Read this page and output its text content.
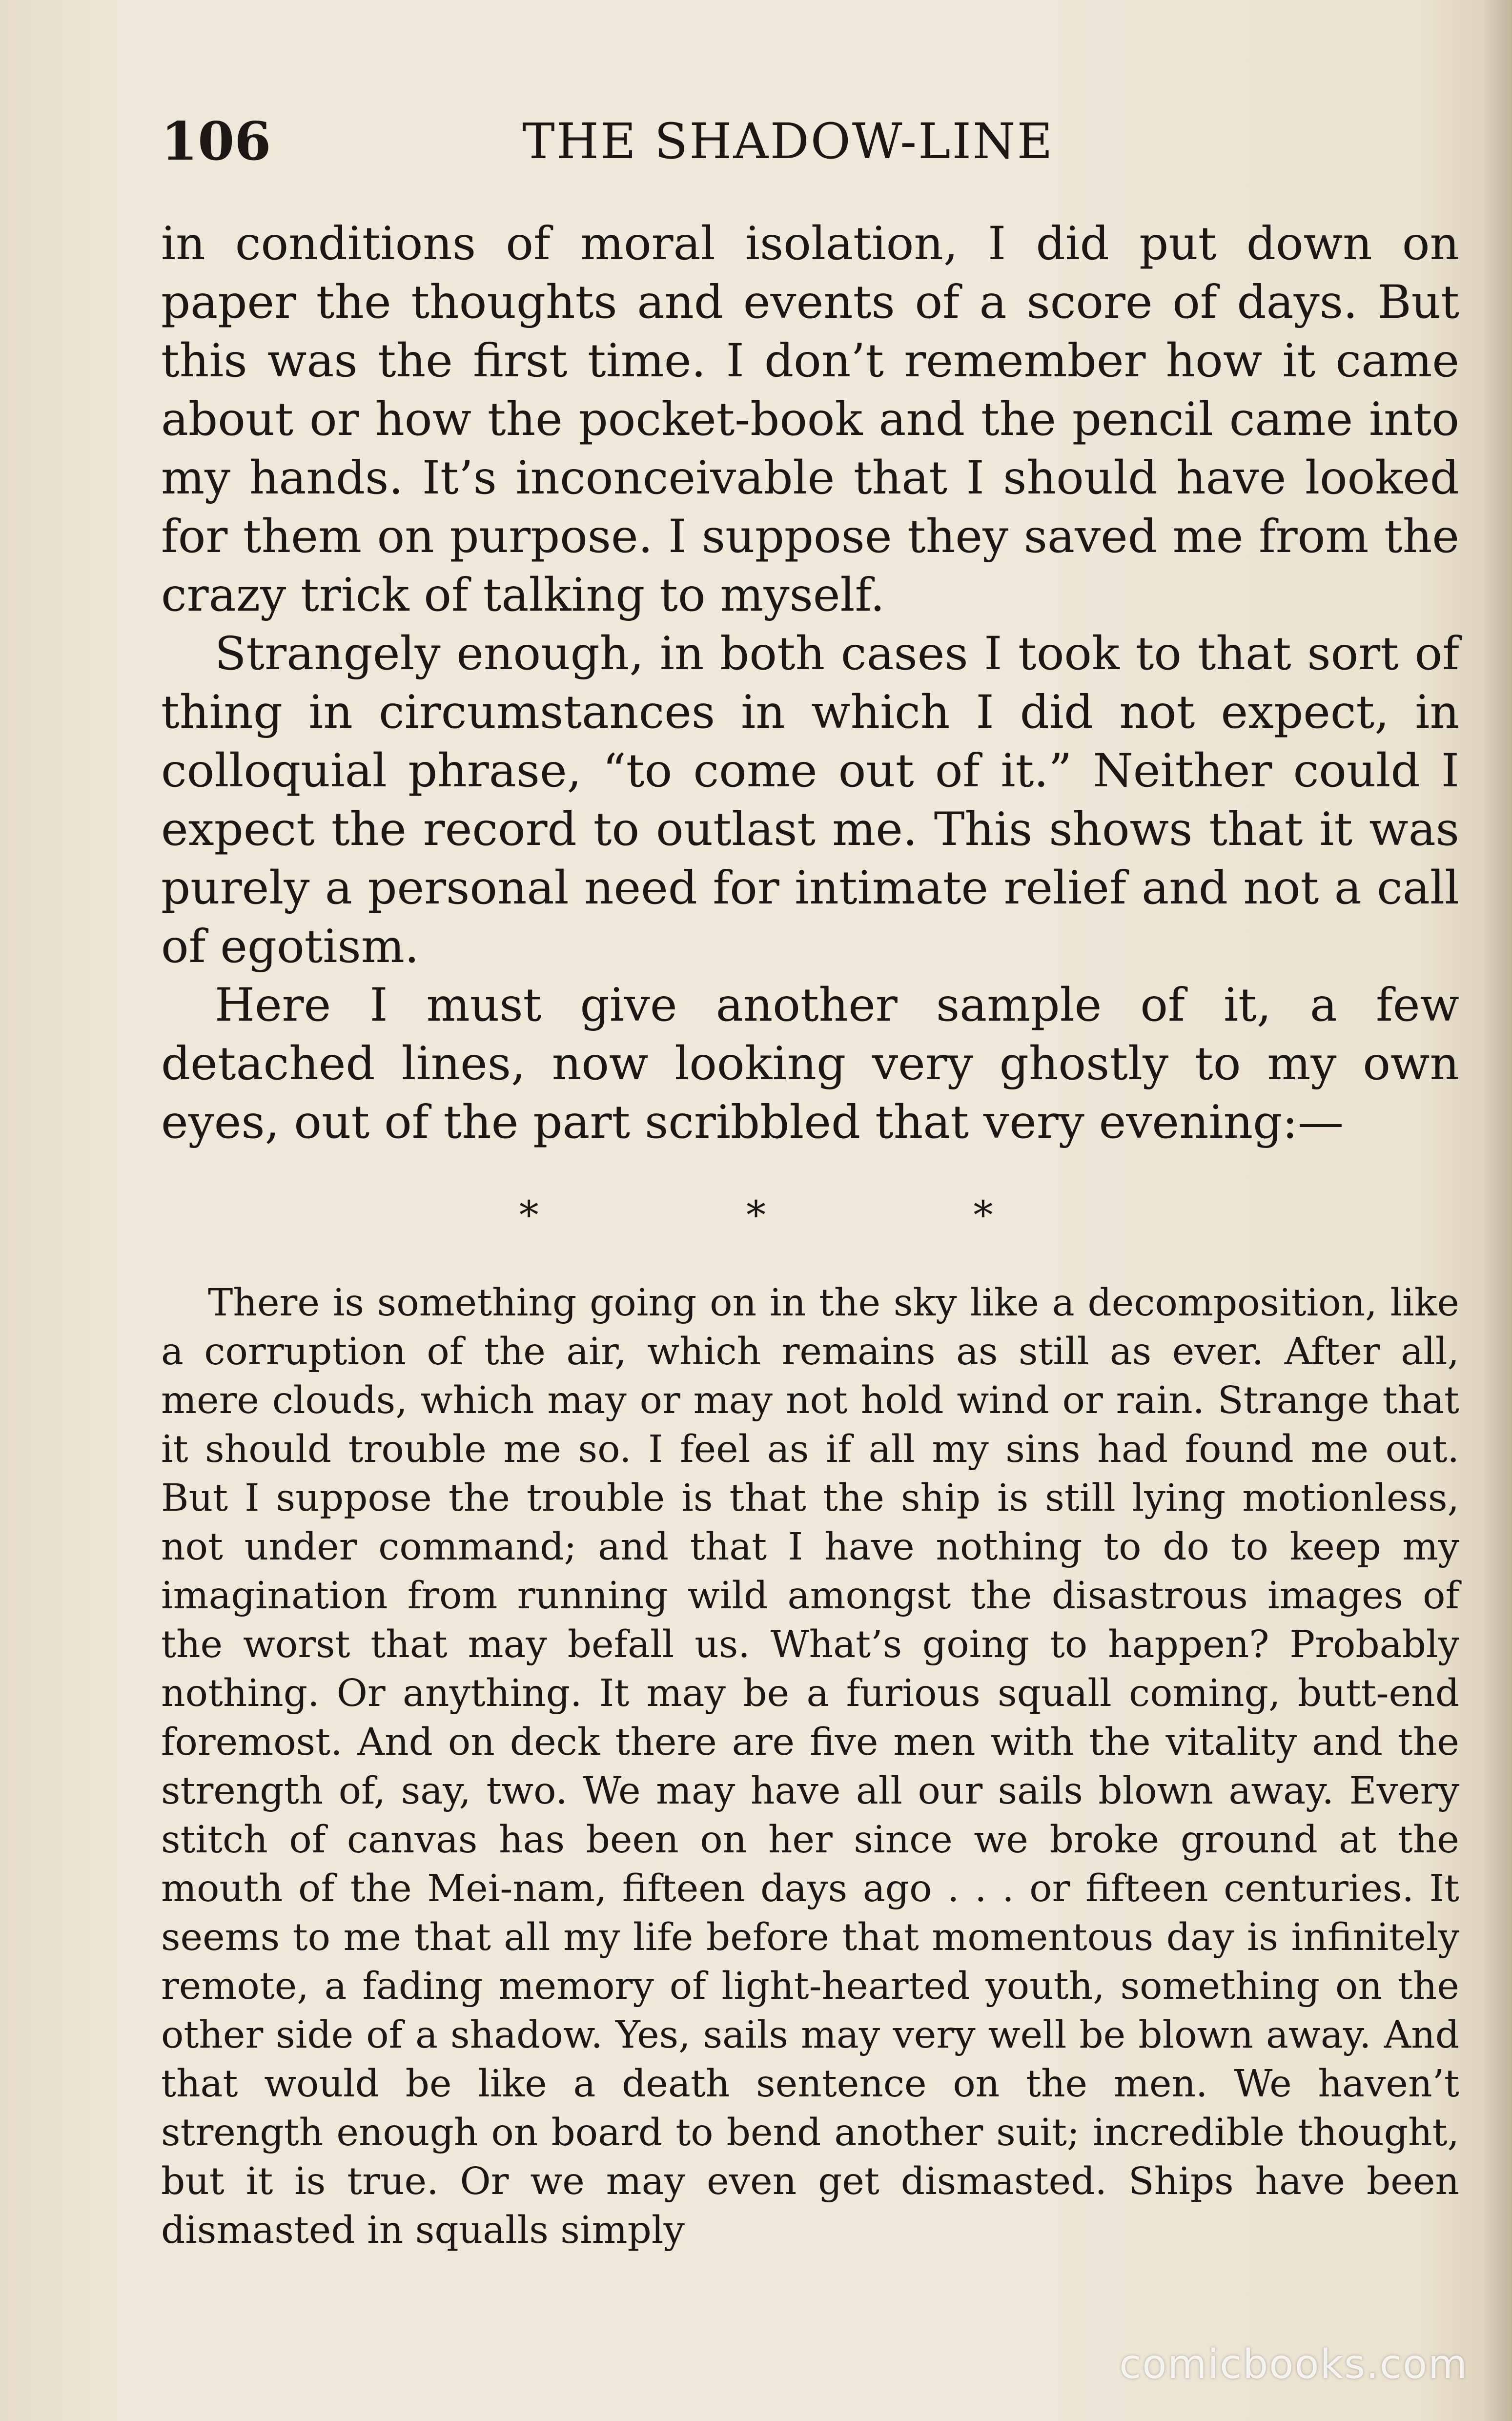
106	THE SHADOW-LINE

in conditions of moral isolation, I did put down on paper the thoughts and events of a score of days. But this was the first time. I don’t remember how it came about or how the pocket-book and the pencil came into my hands. It’s inconceivable that I should have looked for them on purpose. I suppose they saved me from the crazy trick of talking to myself.

Strangely enough, in both cases I took to that sort of thing in circumstances in which I did not expect, in colloquial phrase, “to come out of it.” Neither could I expect the record to outlast me. This shows that it was purely a personal need for intimate relief and not a call of egotism.

Here I must give another sample of it, a few detached lines, now looking very ghostly to my own eyes, out of the part scribbled that very evening:—

* * *

There is something going on in the sky like a decomposition, like a corruption of the air, which remains as still as ever. After all, mere clouds, which may or may not hold wind or rain. Strange that it should trouble me so. I feel as if all my sins had found me out. But I suppose the trouble is that the ship is still lying motionless, not under command; and that I have nothing to do to keep my imagination from running wild amongst the disastrous images of the worst that may befall us. What’s going to happen? Probably nothing. Or anything. It may be a furious squall coming, butt-end foremost. And on deck there are five men with the vitality and the strength of, say, two. We may have all our sails blown away. Every stitch of canvas has been on her since we broke ground at the mouth of the Mei-nam, fifteen days ago . . . or fifteen centuries. It seems to me that all my life before that momentous day is infinitely remote, a fading memory of light-hearted youth, something on the other side of a shadow. Yes, sails may very well be blown away. And that would be like a death sentence on the men. We haven’t strength enough on board to bend another suit; incredible thought, but it is true. Or we may even get dismasted. Ships have been dismasted in squalls simply

comicbooks.com
